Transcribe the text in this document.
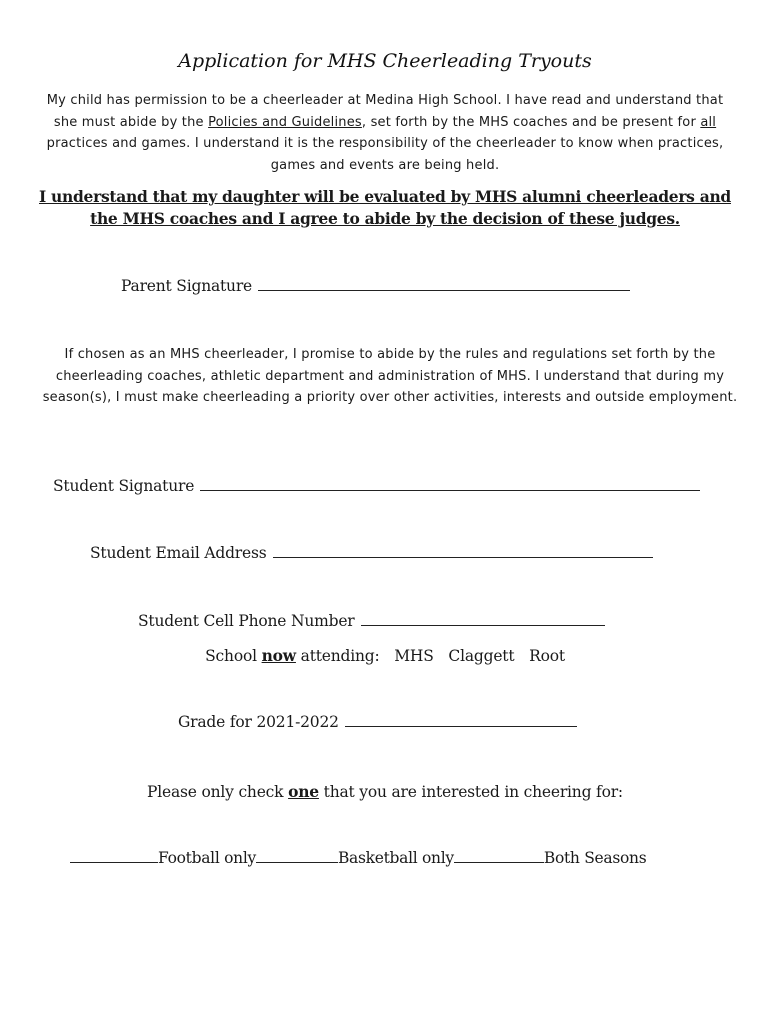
Application for MHS Cheerleading Tryouts
My child has permission to be a cheerleader at Medina High School. I have read and understand that she must abide by the Policies and Guidelines, set forth by the MHS coaches and be present for all practices and games. I understand it is the responsibility of the cheerleader to know when practices, games and events are being held.
I understand that my daughter will be evaluated by MHS alumni cheerleaders and the MHS coaches and I agree to abide by the decision of these judges.
Parent Signature
If chosen as an MHS cheerleader, I promise to abide by the rules and regulations set forth by the cheerleading coaches, athletic department and administration of MHS. I understand that during my season(s), I must make cheerleading a priority over other activities, interests and outside employment.
Student Signature
Student Email Address
Student Cell Phone Number
School now attending: MHS Claggett Root
Grade for 2021-2022
Please only check one that you are interested in cheering for:
Football only	Basketball only	Both Seasons
